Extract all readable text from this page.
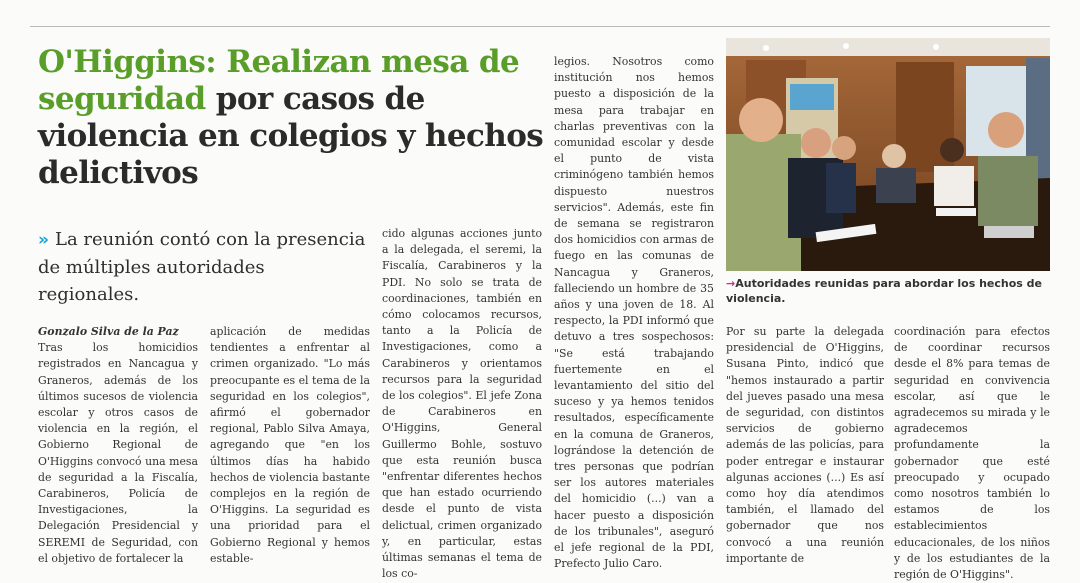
O'Higgins: Realizan mesa de seguridad por casos de violencia en colegios y hechos delictivos
» La reunión contó con la presencia de múltiples autoridades regionales.
→Autoridades reunidas para abordar los hechos de violencia.

Gonzalo Silva de la Paz

Tras los homicidios registrados en Nancagua y Graneros, además de los últimos sucesos de violencia escolar y otros casos de violencia en la región, el Gobierno Regional de O'Higgins convocó una mesa de seguridad a la Fiscalía, Carabineros, Policía de Investigaciones, la Delegación Presidencial y SEREMI de Seguridad, con el objetivo de fortalecer la

aplicación de medidas tendientes a enfrentar al crimen organizado. "Lo más preocupante es el tema de la seguridad en los colegios", afirmó el gobernador regional, Pablo Silva Amaya, agregando que "en los últimos días ha habido hechos de violencia bastante complejos en la región de O'Higgins. La seguridad es una prioridad para el Gobierno Regional y hemos estable-

cido algunas acciones junto a la delegada, el seremi, la Fiscalía, Carabineros y la PDI. No solo se trata de coordinaciones, también en cómo colocamos recursos, tanto a la Policía de Investigaciones, como a Carabineros y orientamos recursos para la seguridad de los colegios". El jefe Zona de Carabineros en O'Higgins, General Guillermo Bohle, sostuvo que esta reunión busca "enfrentar diferentes hechos que han estado ocurriendo desde el punto de vista delictual, crimen organizado y, en particular, estas últimas semanas el tema de los co-

legios. Nosotros como institución nos hemos puesto a disposición de la mesa para trabajar en charlas preventivas con la comunidad escolar y desde el punto de vista criminógeno también hemos dispuesto nuestros servicios". Además, este fin de semana se registraron dos homicidios con armas de fuego en las comunas de Nancagua y Graneros, falleciendo un hombre de 35 años y una joven de 18. Al respecto, la PDI informó que detuvo a tres sospechosos: "Se está trabajando fuertemente en el levantamiento del sitio del suceso y ya hemos tenidos resultados, específicamente en la comuna de Graneros, lográndose la detención de tres personas que podrían ser los autores materiales del homicidio (...) van a hacer puesto a disposición de los tribunales", aseguró el jefe regional de la PDI, Prefecto Julio Caro.

Por su parte la delegada presidencial de O'Higgins, Susana Pinto, indicó que "hemos instaurado a partir del jueves pasado una mesa de seguridad, con distintos servicios de gobierno además de las policías, para poder entregar e instaurar algunas acciones (...) Es así como hoy día atendimos también, el llamado del gobernador que nos convocó a una reunión importante de

coordinación para efectos de coordinar recursos desde el 8% para temas de seguridad en convivencia escolar, así que le agradecemos su mirada y le agradecemos profundamente la gobernador que esté preocupado y ocupado como nosotros también lo estamos de los establecimientos educacionales, de los niños y de los estudiantes de la región de O'Higgins".
